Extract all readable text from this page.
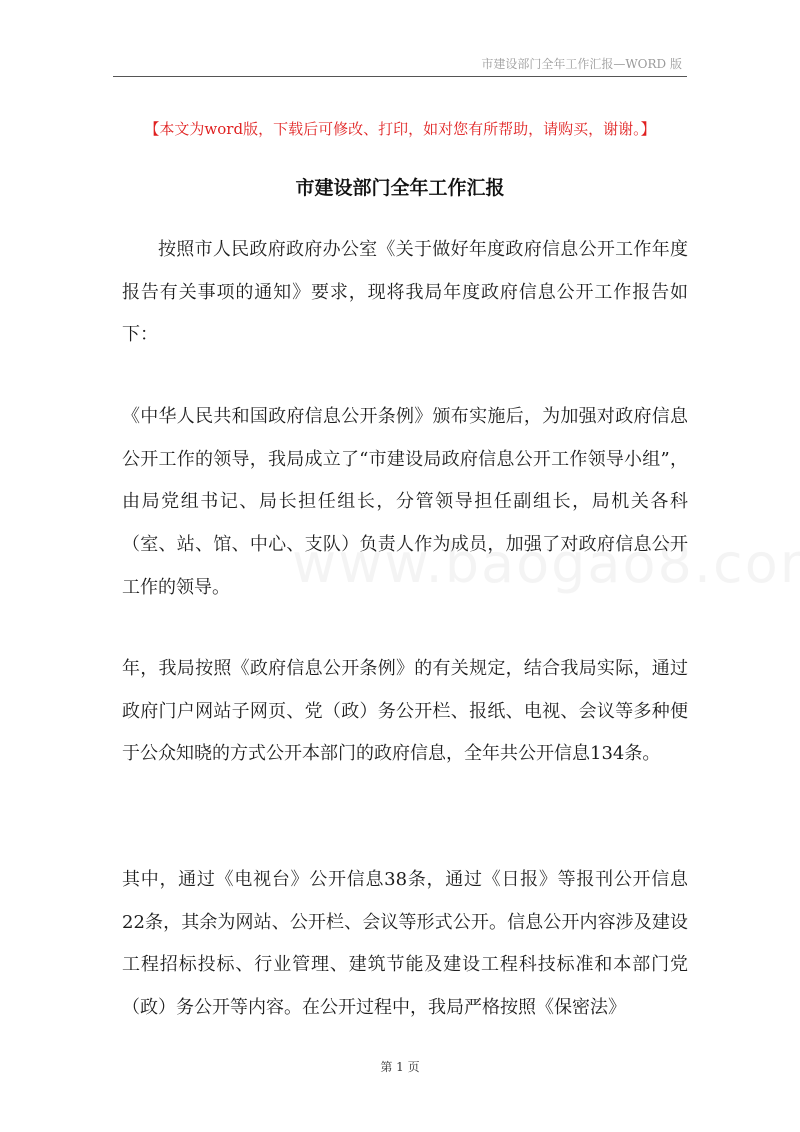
市建设部门全年工作汇报—WORD 版
【本文为word版，下载后可修改、打印，如对您有所帮助，请购买，谢谢。】
市建设部门全年工作汇报

按照市人民政府政府办公室《关于做好年度政府信息公开工作年度报告有关事项的通知》要求，现将我局年度政府信息公开工作报告如下：

《中华人民共和国政府信息公开条例》颁布实施后，为加强对政府信息公开工作的领导，我局成立了“市建设局政府信息公开工作领导小组”，由局党组书记、局长担任组长，分管领导担任副组长，局机关各科（室、站、馆、中心、支队）负责人作为成员，加强了对政府信息公开工作的领导。

年，我局按照《政府信息公开条例》的有关规定，结合我局实际，通过政府门户网站子网页、党（政）务公开栏、报纸、电视、会议等多种便于公众知晓的方式公开本部门的政府信息，全年共公开信息134条。

其中，通过《电视台》公开信息38条，通过《日报》等报刊公开信息22条，其余为网站、公开栏、会议等形式公开。信息公开内容涉及建设工程招标投标、行业管理、建筑节能及建设工程科技标准和本部门党（政）务公开等内容。在公开过程中，我局严格按照《保密法》

第 1 页
